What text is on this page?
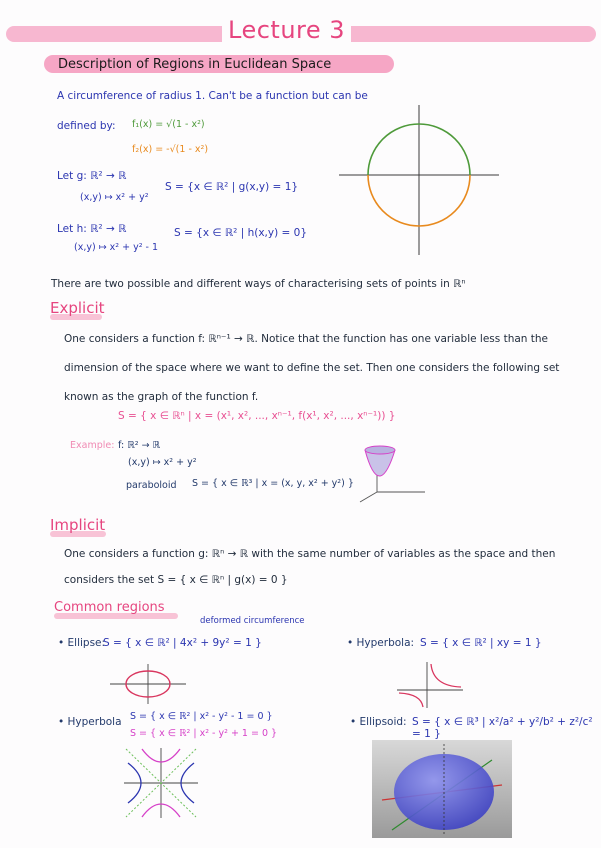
Lecture 3
Description of Regions in Euclidean Space
A circumference of radius 1. Can't be a function but can be
defined by: f₁(x) = √(1 - x²)
f₂(x) = -√(1 - x²)
Let g: ℝ² → ℝ
(x,y) ↦ x² + y²
S = {x ∈ ℝ² | g(x,y) = 1}
Let h: ℝ² → ℝ
(x,y) ↦ x² + y² - 1
S = {x ∈ ℝ² | h(x,y) = 0}
There are two possible and different ways of characterising sets of points in ℝⁿ
Explicit
One considers a function f: ℝⁿ⁻¹ → ℝ. Notice that the function has one variable less than the
dimension of the space where we want to define the set. Then one considers the following set
known as the graph of the function f.
S = { x ∈ ℝⁿ | x = (x¹, x², ..., xⁿ⁻¹, f(x¹, x², ..., xⁿ⁻¹)) }
Example: f: ℝ² → ℝ
(x,y) ↦ x² + y²
paraboloid S = { x ∈ ℝ³ | x = (x, y, x² + y²) }
Implicit
One considers a function g: ℝⁿ → ℝ with the same number of variables as the space and then
considers the set S = { x ∈ ℝⁿ | g(x) = 0 }
Common regions
deformed circumference
• Ellipse:
S = { x ∈ ℝ² | 4x² + 9y² = 1 }	• Hyperbola: S = { x ∈ ℝ² | xy = 1 }
• Hyperbola S = { x ∈ ℝ² | x² - y² - 1 = 0 }
S = { x ∈ ℝ² | x² - y² + 1 = 0 }
• Ellipsoid: S = { x ∈ ℝ³ | x²/a² + y²/b² + z²/c² = 1 }
